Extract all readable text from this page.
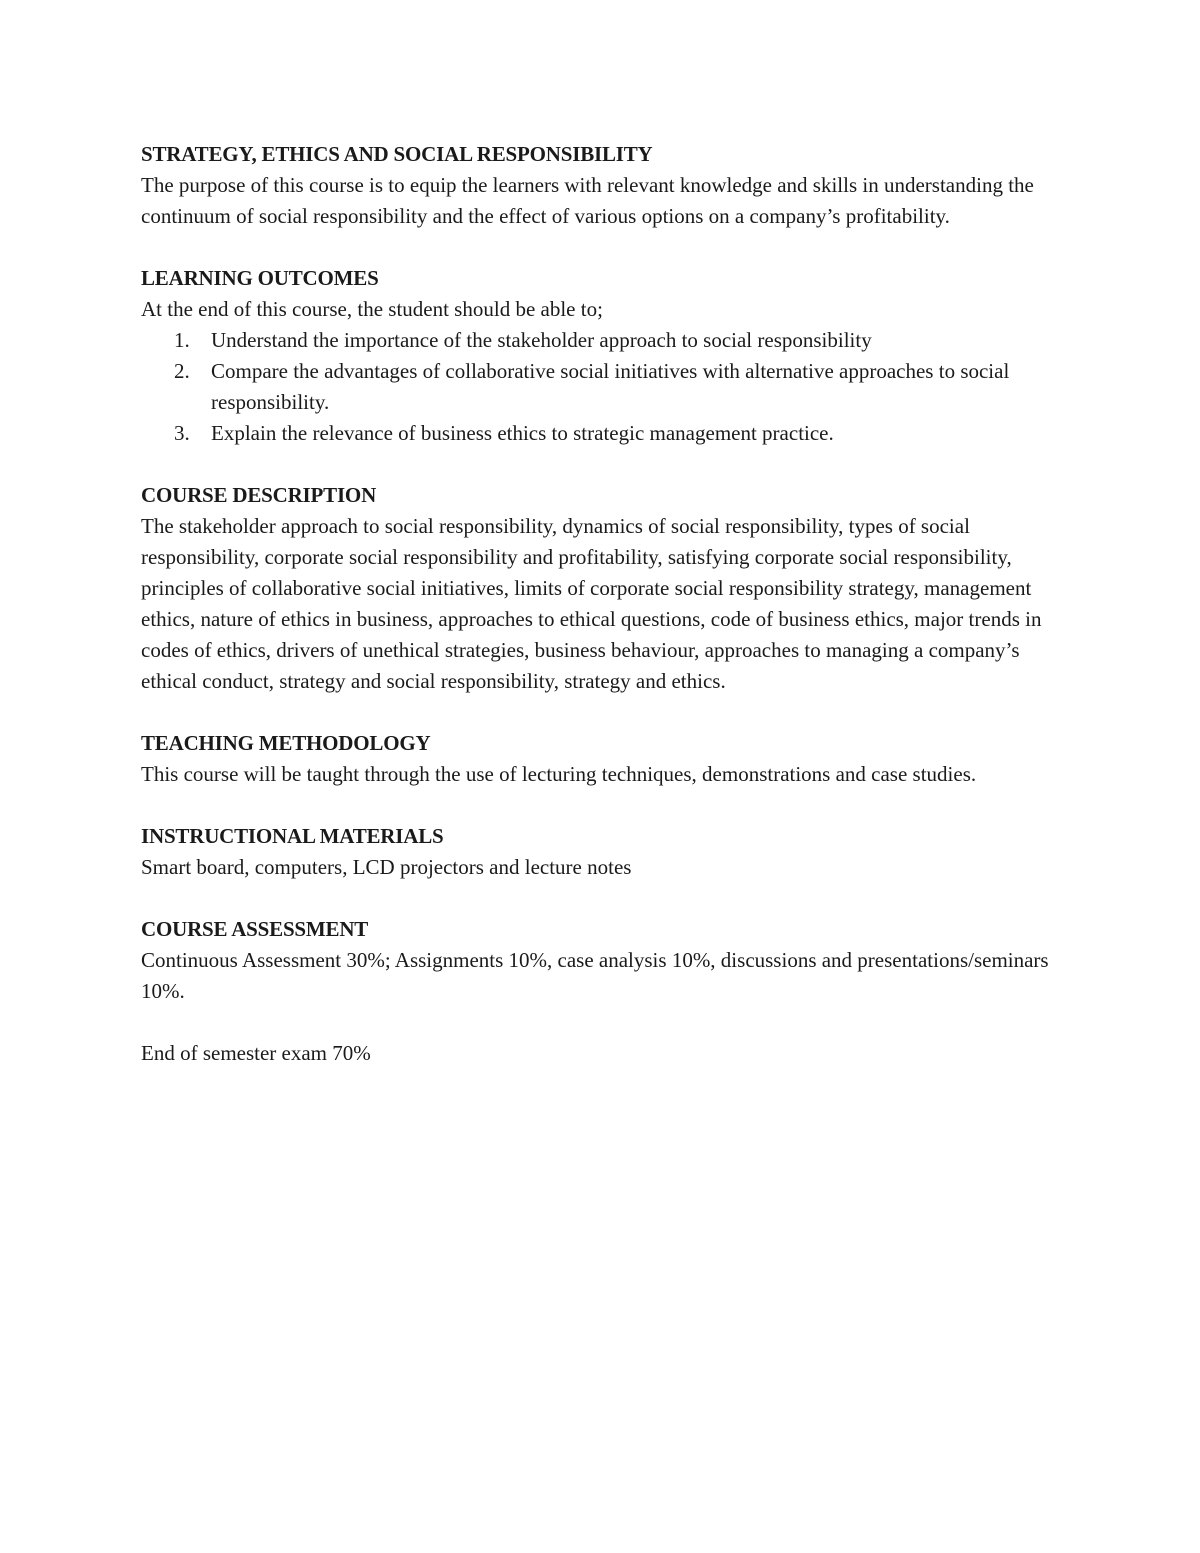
STRATEGY, ETHICS AND SOCIAL RESPONSIBILITY

The purpose of this course is to equip the learners with relevant knowledge and skills in understanding the continuum of social responsibility and the effect of various options on a company’s profitability.

LEARNING OUTCOMES

At the end of this course, the student should be able to;

1. Understand the importance of the stakeholder approach to social responsibility
2. Compare the advantages of collaborative social initiatives with alternative approaches to social responsibility.
3. Explain the relevance of business ethics to strategic management practice.

COURSE DESCRIPTION

The stakeholder approach to social responsibility, dynamics of social responsibility, types of social responsibility, corporate social responsibility and profitability, satisfying corporate social responsibility, principles of collaborative social initiatives, limits of corporate social responsibility strategy, management ethics, nature of ethics in business, approaches to ethical questions, code of business ethics, major trends in codes of ethics, drivers of unethical strategies, business behaviour, approaches to managing a company’s ethical conduct, strategy and social responsibility, strategy and ethics.

TEACHING METHODOLOGY

This course will be taught through the use of lecturing techniques, demonstrations and case studies.

INSTRUCTIONAL MATERIALS

Smart board, computers, LCD projectors and lecture notes

COURSE ASSESSMENT

Continuous Assessment 30%; Assignments 10%, case analysis 10%, discussions and presentations/seminars 10%.

End of semester exam 70%
